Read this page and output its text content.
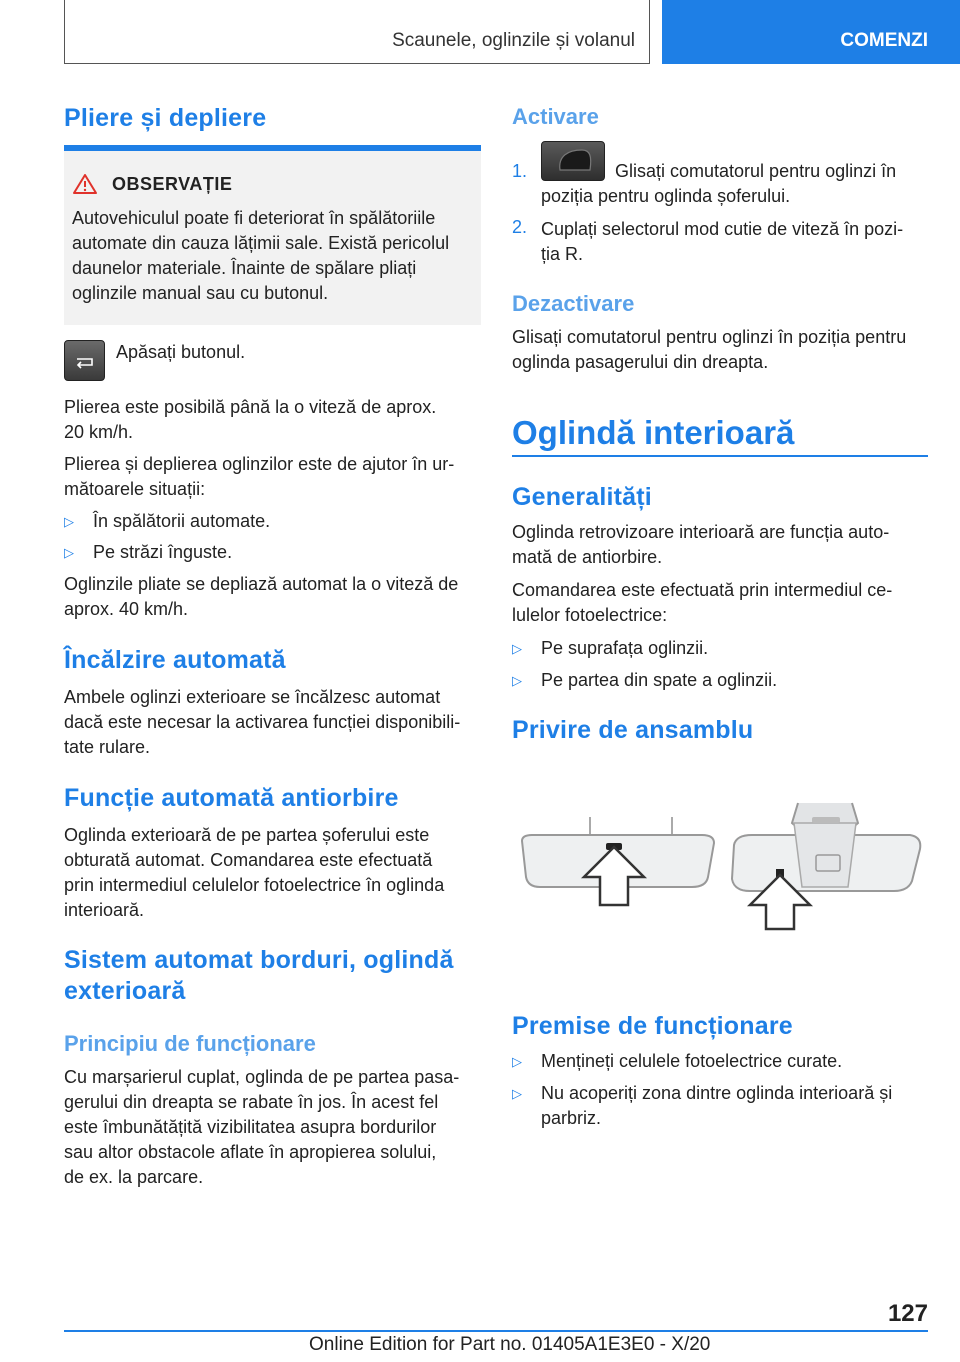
Scaunele, oglinzile și volanul	COMENZI
Pliere și depliere
OBSERVAȚIE
Autovehiculul poate fi deteriorat în spălătoriile
automate din cauza lățimii sale. Există pericolul
daunelor materiale. Înainte de spălare pliați
oglinzile manual sau cu butonul.
Apăsați butonul.
Plierea este posibilă până la o viteză de aprox.
20 km/h.
Plierea și deplierea oglinzilor este de ajutor în ur-
mătoarele situații:
▷ În spălătorii automate.
▷ Pe străzi înguste.
Oglinzile pliate se depliază automat la o viteză de
aprox. 40 km/h.
Încălzire automată
Ambele oglinzi exterioare se încălzesc automat
dacă este necesar la activarea funcției disponibili-
tate rulare.
Funcție automată antiorbire
Oglinda exterioară de pe partea șoferului este
obturată automat. Comandarea este efectuată
prin intermediul celulelor fotoelectrice în oglinda
interioară.
Sistem automat borduri, oglindă
exterioară
Principiu de funcționare
Cu marșarierul cuplat, oglinda de pe partea pasa-
gerului din dreapta se rabate în jos. În acest fel
este îmbunătățită vizibilitatea asupra bordurilor
sau altor obstacole aflate în apropierea solului,
de ex. la parcare.
Activare
1.	Glisați comutatorul pentru oglinzi în
poziția pentru oglinda șoferului.
2. Cuplați selectorul mod cutie de viteză în pozi-
ția R.
Dezactivare
Glisați comutatorul pentru oglinzi în poziția pentru
oglinda pasagerului din dreapta.
Oglindă interioară
Generalități
Oglinda retrovizoare interioară are funcția auto-
mată de antiorbire.
Comandarea este efectuată prin intermediul ce-
lulelor fotoelectrice:
▷ Pe suprafața oglinzii.
▷ Pe partea din spate a oglinzii.
Privire de ansamblu
Premise de funcționare
▷ Mențineți celulele fotoelectrice curate.
▷ Nu acoperiți zona dintre oglinda interioară și
parbriz.
127
Online Edition for Part no. 01405A1E3E0 - X/20
